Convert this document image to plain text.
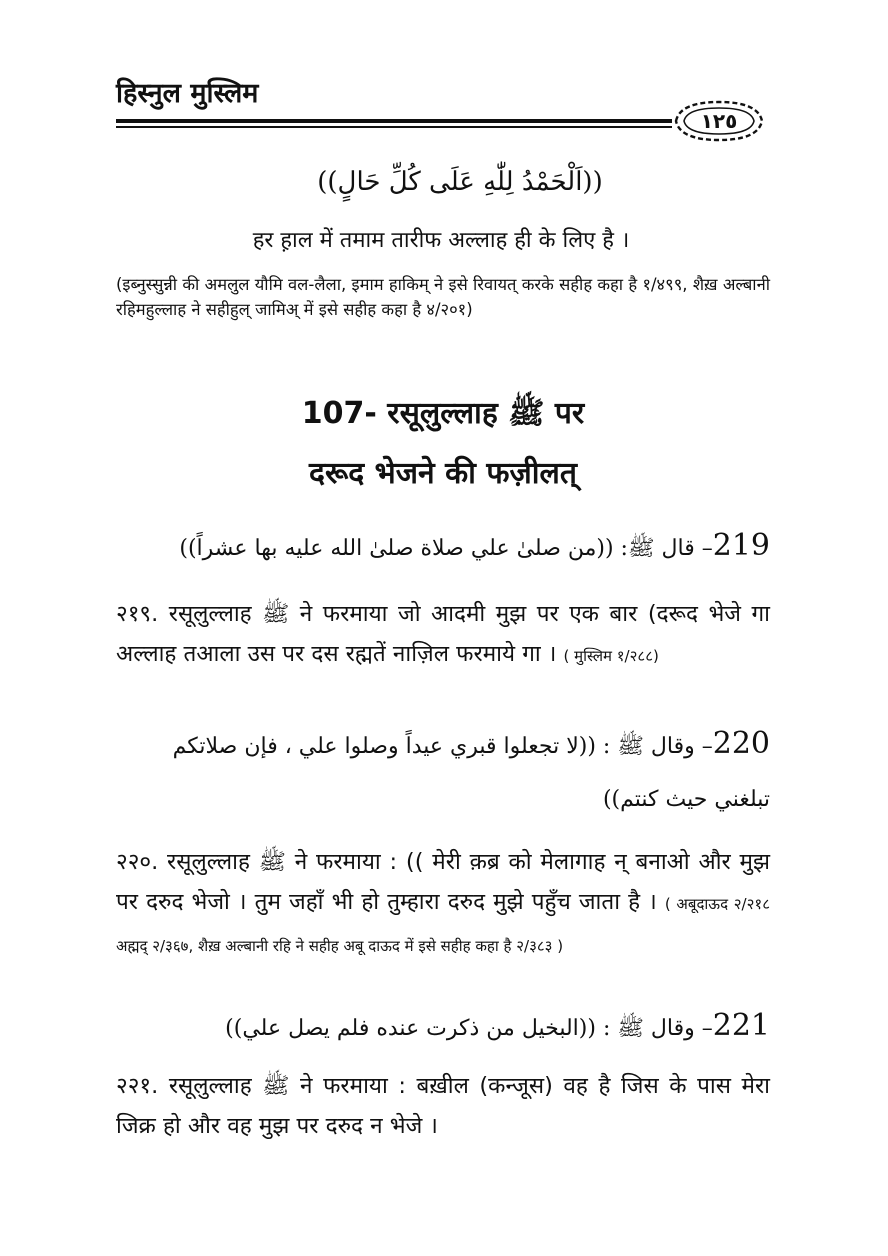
हिस्नुल मुस्लिम
١٢٥
((اَلْحَمْدُ لِلّٰهِ عَلَى كُلِّ حَالٍ))
हर ह़ाल में तमाम तारीफ अल्लाह ही के लिए है ।
(इब्नुस्सुन्नी की अमलुल यौमि वल-लैला, इमाम हाकिम् ने इसे रिवायत् करके सहीह कहा है १/४९९, शैख़ अल्बानी रहिमहुल्लाह ने सहीहुल् जामिअ् में इसे सहीह कहा है ४/२०१)
107- रसूलुल्लाह ﷺ पर
दरूद भेजने की फज़ीलत्
219– قال ﷺ: ((من صلىٰ علي صلاة صلىٰ الله عليه بها عشراً))
२१९. रसूलुल्लाह ﷺ ने फरमाया जो आदमी मुझ पर एक बार (दरूद भेजे गा अल्लाह तआला उस पर दस रह्मतें नाज़िल फरमाये गा । ( मुस्लिम १/२८८)
220– وقال ﷺ : ((لا تجعلوا قبري عيداً وصلوا علي ، فإن صلاتكم
تبلغني حيث كنتم))
२२०. रसूलुल्लाह ﷺ ने फरमाया : (( मेरी क़ब्र को मेलागाह न् बनाओ और मुझ पर दरुद भेजो । तुम जहाँ भी हो तुम्हारा दरुद मुझे पहुँच जाता है । ( अबूदाऊद २/२१८ अह्मद् २/३६७, शैख़ अल्बानी रहि ने सहीह अबू दाऊद में इसे सहीह कहा है २/३८३ )
221– وقال ﷺ : ((البخيل من ذكرت عنده فلم يصل علي))
२२१. रसूलुल्लाह ﷺ ने फरमाया : बख़ील (कन्जूस) वह है जिस के पास मेरा जिक्र हो और वह मुझ पर दरुद न भेजे ।
